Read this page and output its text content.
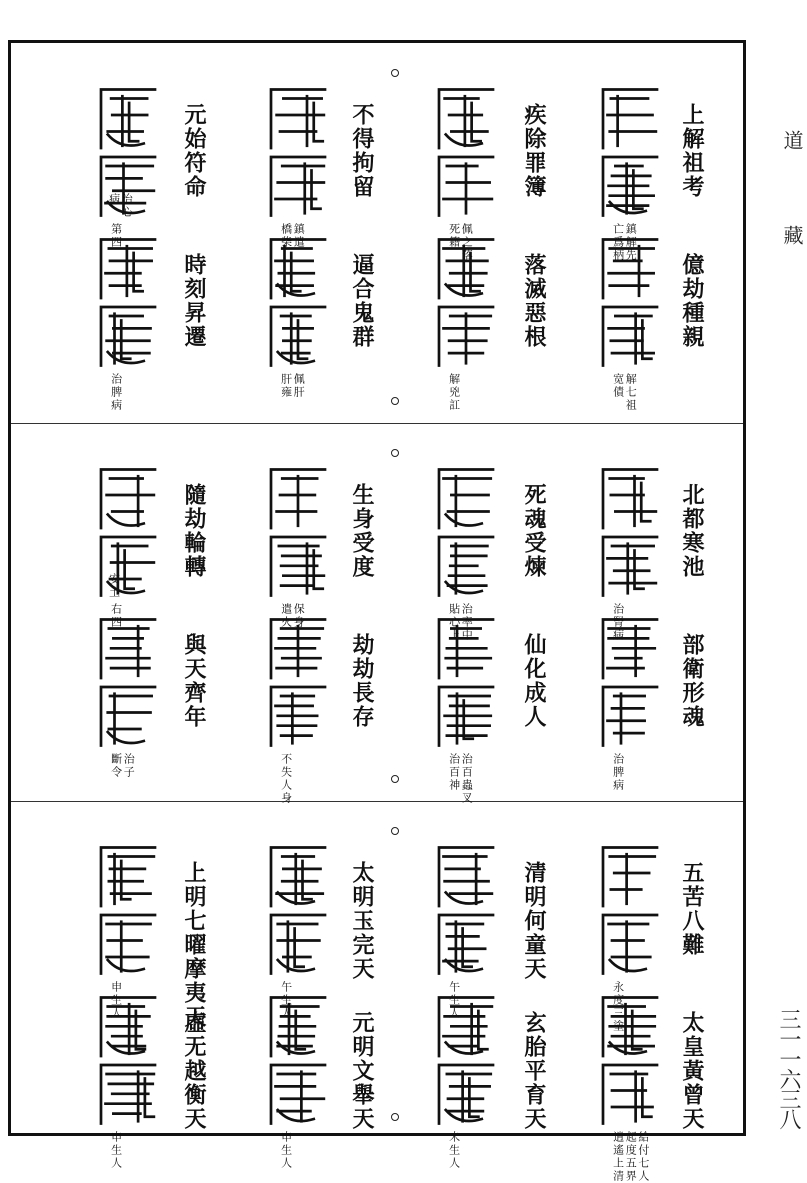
上解祖考
鎮解先
亡爲柄
億劫種親
解七祖
宽債
疾除罪簿
佩之落
死籍
落滅惡根
解兇訌
不得拘留
鎮遣
橋柴
逼合鬼群
佩肝
肝雍
元始符命
第四
時刻昇遷
治脾病
治心
病
北都寒池
治腎病
部衛形魂
治脾病
死魂受煉
治率中
貼心上
仙化成人
治百蟲叉
治百神
生身受度
保身
遣火
劫劫長存
不失人身
隨劫輪轉
右四
與天齊年
治子
斷令
安土
五苦八難
永度三塗
太皇黃曾天
給付七人
起度五界
逍遙上清
清明何童天
午生人
玄胎平育天
未生人
太明玉完天
午生人
元明文舉天
申生人
上明七曜摩夷天
申生人
虛无越衡天
申生人
道
藏
三一一六三八
